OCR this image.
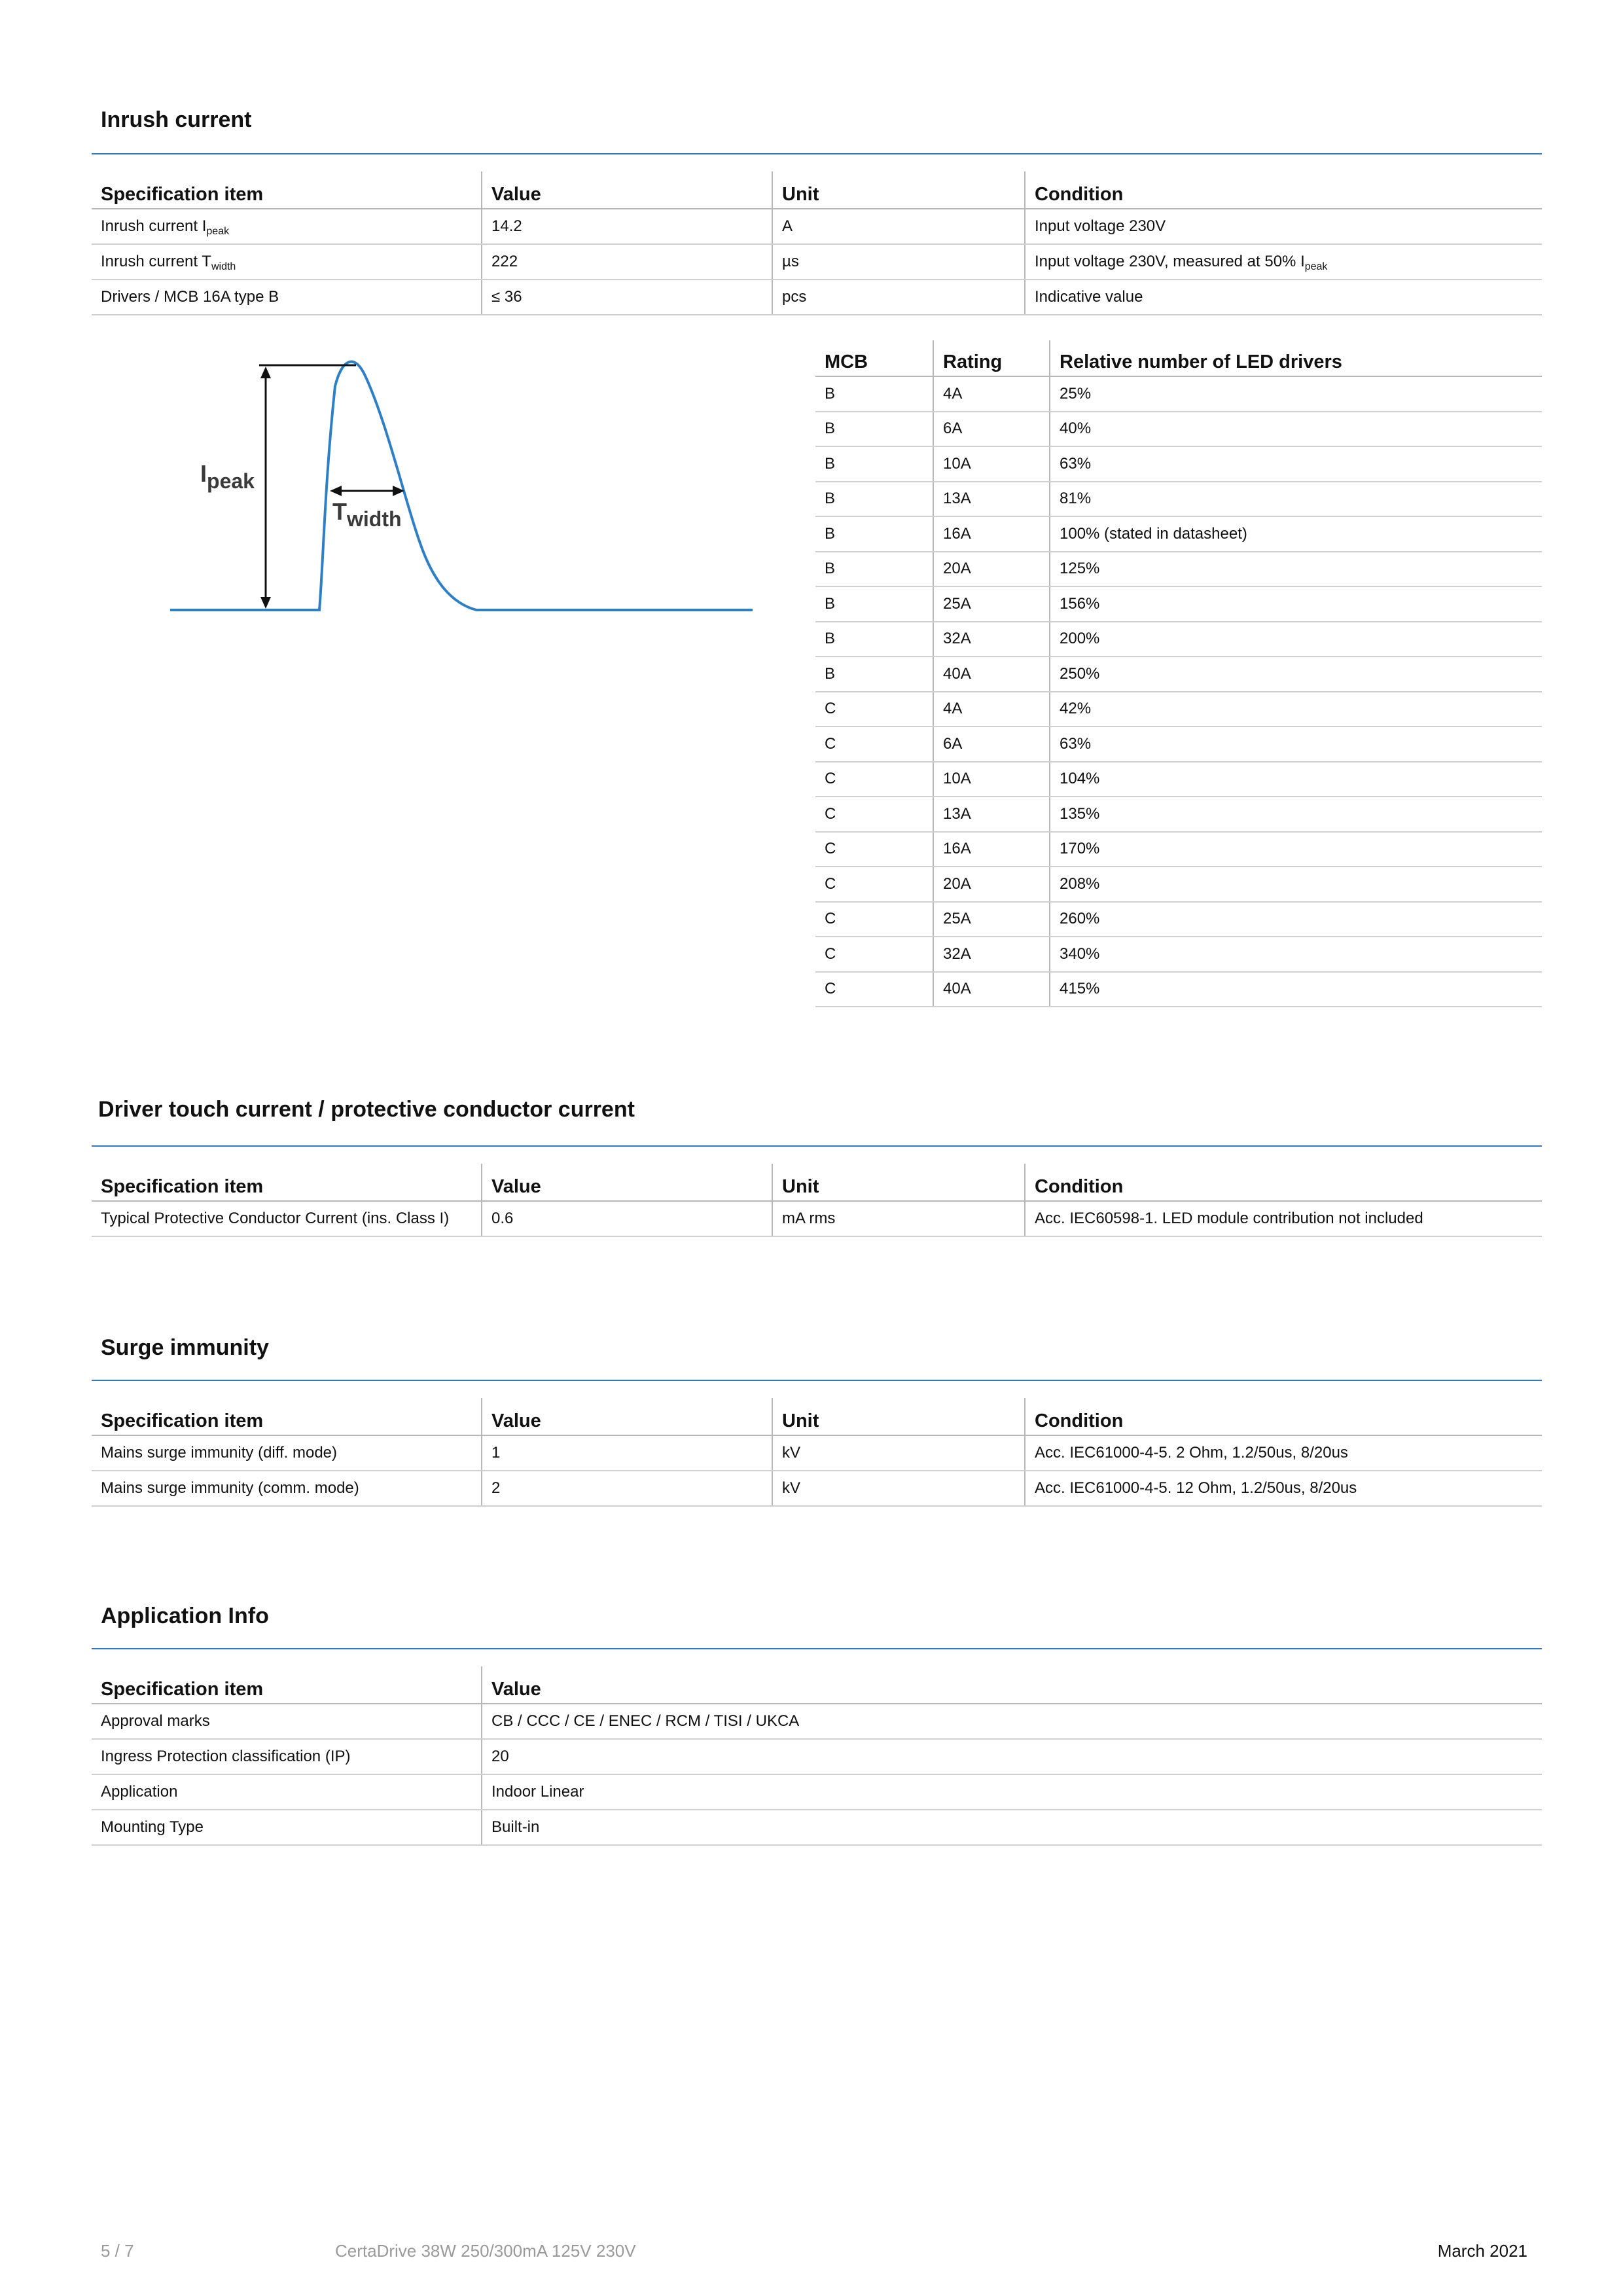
Inrush current
Specification item	Value	Unit	Condition
Inrush current $I_{peak}$	14.2	A	Input voltage 230V
Inrush current $T_{width}$	222	µs	Input voltage 230V, measured at 50% $I_{peak}$
Drivers / MCB 16A type B	≤ 36	pcs	Indicative value
Ipeak
Twidth
MCB	Rating	Relative number of LED drivers
B	4A	25%
B	6A	40%
B	10A	63%
B	13A	81%
B	16A	100% (stated in datasheet)
B	20A	125%
B	25A	156%
B	32A	200%
B	40A	250%
C	4A	42%
C	6A	63%
C	10A	104%
C	13A	135%
C	16A	170%
C	20A	208%
C	25A	260%
C	32A	340%
C	40A	415%
Driver touch current / protective conductor current
Specification item	Value	Unit	Condition
Typical Protective Conductor Current (ins. Class I)	0.6	mA rms	Acc. IEC60598-1. LED module contribution not included
Surge immunity
Specification item	Value	Unit	Condition
Mains surge immunity (diff. mode)	1	kV	Acc. IEC61000-4-5. 2 Ohm, 1.2/50us, 8/20us
Mains surge immunity (comm. mode)	2	kV	Acc. IEC61000-4-5. 12 Ohm, 1.2/50us, 8/20us
Application Info
Specification item	Value
Approval marks	CB / CCC / CE / ENEC / RCM / TISI / UKCA
Ingress Protection classification (IP)	20
Application	Indoor Linear
Mounting Type	Built-in
5 / 7	CertaDrive 38W 250/300mA 125V 230V	March 2021
